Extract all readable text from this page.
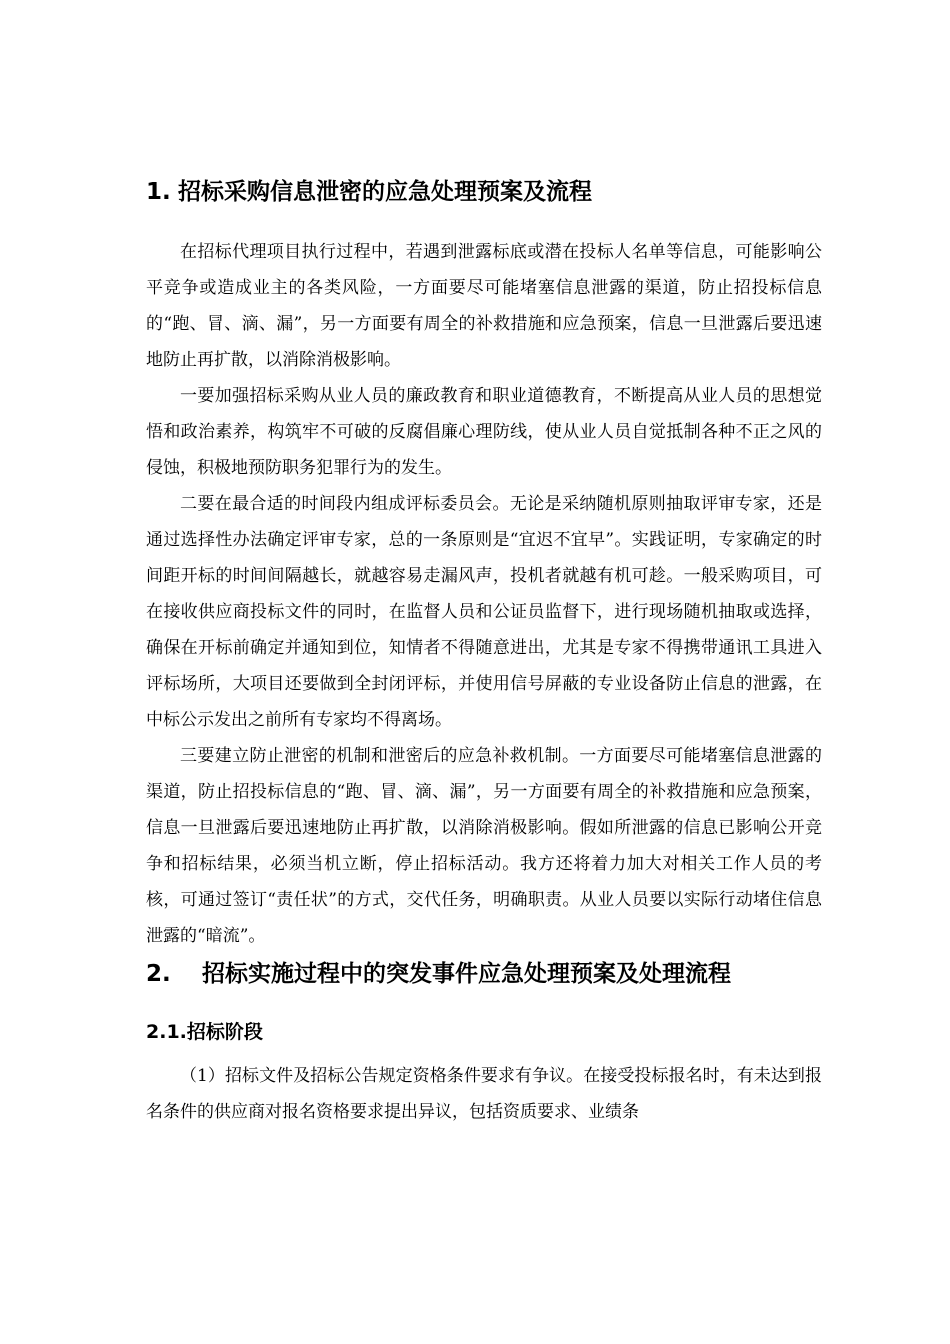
1. 招标采购信息泄密的应急处理预案及流程

在招标代理项目执行过程中，若遇到泄露标底或潜在投标人名单等信息，可能影响公平竞争或造成业主的各类风险，一方面要尽可能堵塞信息泄露的渠道，防止招投标信息的“跑、冒、滴、漏”，另一方面要有周全的补救措施和应急预案，信息一旦泄露后要迅速地防止再扩散，以消除消极影响。

一要加强招标采购从业人员的廉政教育和职业道德教育，不断提高从业人员的思想觉悟和政治素养，构筑牢不可破的反腐倡廉心理防线，使从业人员自觉抵制各种不正之风的侵蚀，积极地预防职务犯罪行为的发生。

二要在最合适的时间段内组成评标委员会。无论是采纳随机原则抽取评审专家，还是通过选择性办法确定评审专家，总的一条原则是“宜迟不宜早”。实践证明，专家确定的时间距开标的时间间隔越长，就越容易走漏风声，投机者就越有机可趁。一般采购项目，可在接收供应商投标文件的同时，在监督人员和公证员监督下，进行现场随机抽取或选择，确保在开标前确定并通知到位，知情者不得随意进出，尤其是专家不得携带通讯工具进入评标场所，大项目还要做到全封闭评标，并使用信号屏蔽的专业设备防止信息的泄露，在中标公示发出之前所有专家均不得离场。

三要建立防止泄密的机制和泄密后的应急补救机制。一方面要尽可能堵塞信息泄露的渠道，防止招投标信息的“跑、冒、滴、漏”，另一方面要有周全的补救措施和应急预案，信息一旦泄露后要迅速地防止再扩散，以消除消极影响。假如所泄露的信息已影响公开竞争和招标结果，必须当机立断，停止招标活动。我方还将着力加大对相关工作人员的考核，可通过签订“责任状”的方式，交代任务，明确职责。从业人员要以实际行动堵住信息泄露的“暗流”。

2. 招标实施过程中的突发事件应急处理预案及处理流程
2.1.招标阶段

（1）招标文件及招标公告规定资格条件要求有争议。在接受投标报名时，有未达到报名条件的供应商对报名资格要求提出异议，包括资质要求、业绩条
